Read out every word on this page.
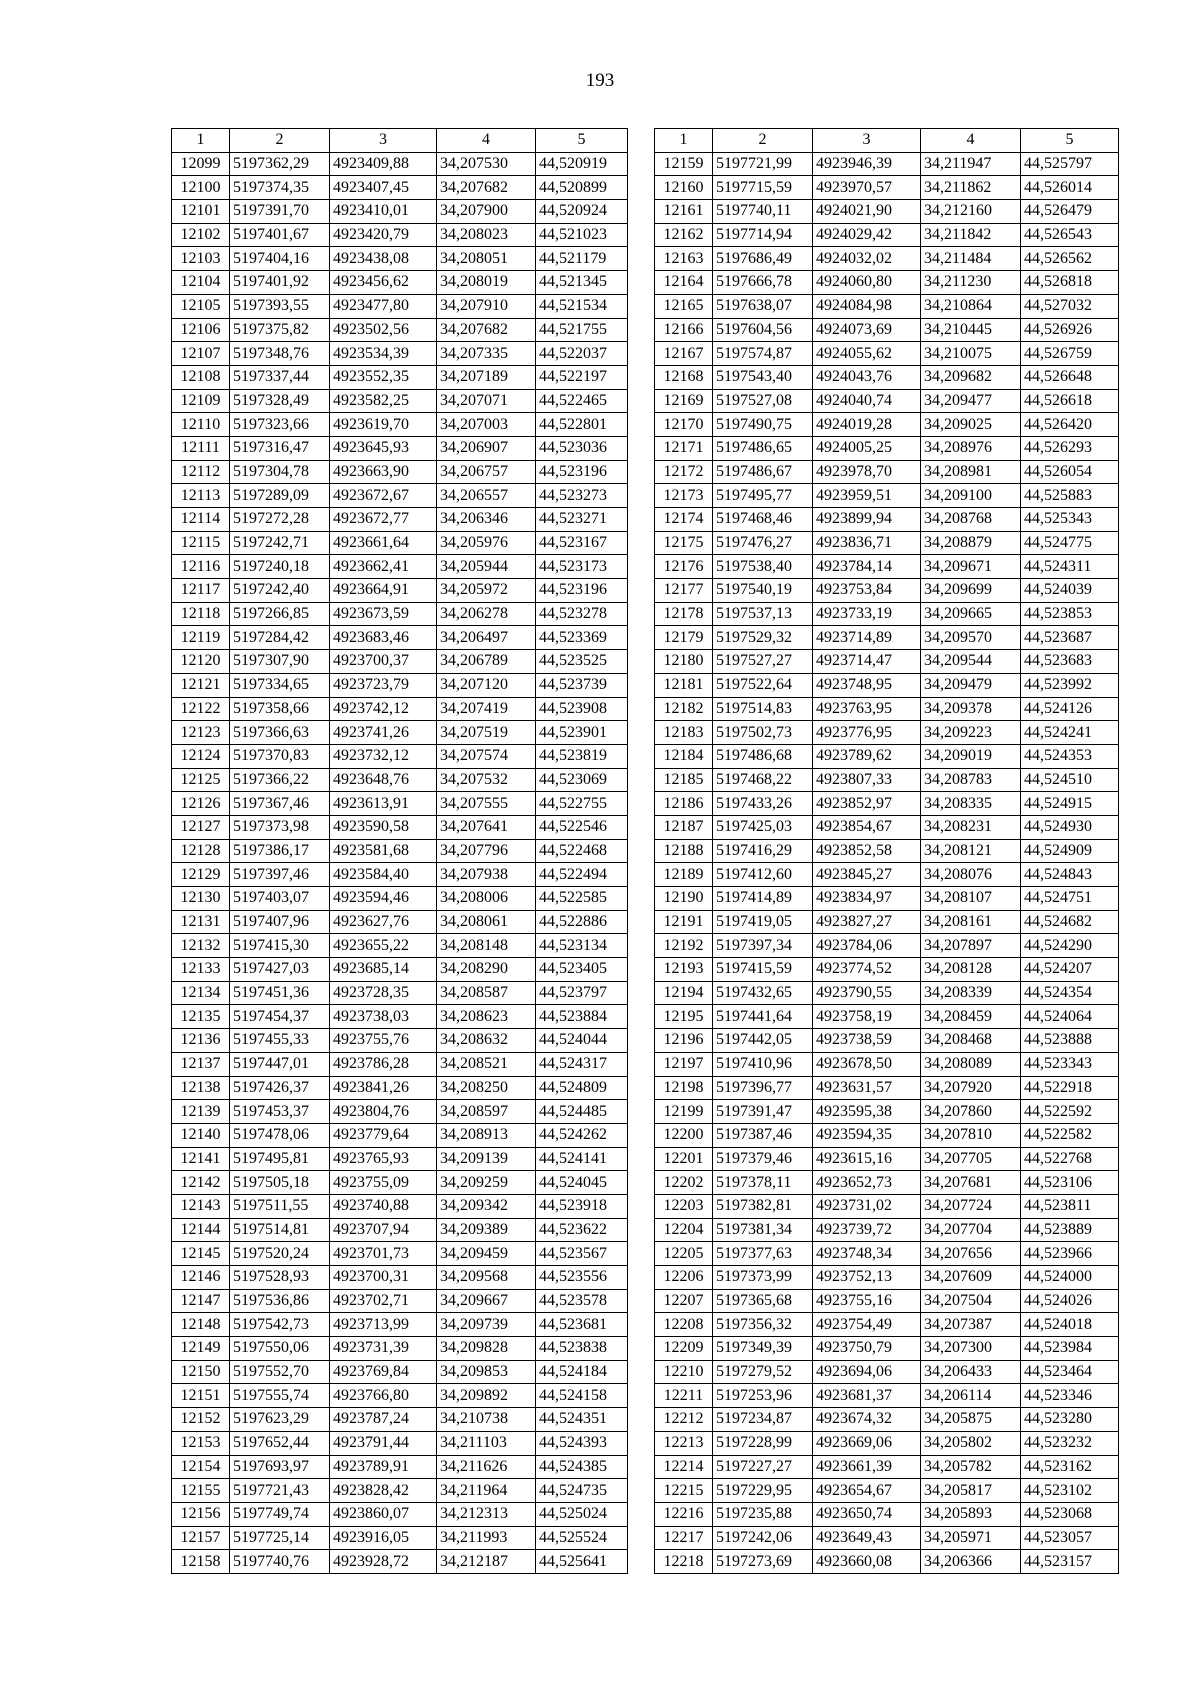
193
1	2	3	4	5
12099	5197362,29	4923409,88	34,207530	44,520919
12100	5197374,35	4923407,45	34,207682	44,520899
12101	5197391,70	4923410,01	34,207900	44,520924
12102	5197401,67	4923420,79	34,208023	44,521023
12103	5197404,16	4923438,08	34,208051	44,521179
12104	5197401,92	4923456,62	34,208019	44,521345
12105	5197393,55	4923477,80	34,207910	44,521534
12106	5197375,82	4923502,56	34,207682	44,521755
12107	5197348,76	4923534,39	34,207335	44,522037
12108	5197337,44	4923552,35	34,207189	44,522197
12109	5197328,49	4923582,25	34,207071	44,522465
12110	5197323,66	4923619,70	34,207003	44,522801
12111	5197316,47	4923645,93	34,206907	44,523036
12112	5197304,78	4923663,90	34,206757	44,523196
12113	5197289,09	4923672,67	34,206557	44,523273
12114	5197272,28	4923672,77	34,206346	44,523271
12115	5197242,71	4923661,64	34,205976	44,523167
12116	5197240,18	4923662,41	34,205944	44,523173
12117	5197242,40	4923664,91	34,205972	44,523196
12118	5197266,85	4923673,59	34,206278	44,523278
12119	5197284,42	4923683,46	34,206497	44,523369
12120	5197307,90	4923700,37	34,206789	44,523525
12121	5197334,65	4923723,79	34,207120	44,523739
12122	5197358,66	4923742,12	34,207419	44,523908
12123	5197366,63	4923741,26	34,207519	44,523901
12124	5197370,83	4923732,12	34,207574	44,523819
12125	5197366,22	4923648,76	34,207532	44,523069
12126	5197367,46	4923613,91	34,207555	44,522755
12127	5197373,98	4923590,58	34,207641	44,522546
12128	5197386,17	4923581,68	34,207796	44,522468
12129	5197397,46	4923584,40	34,207938	44,522494
12130	5197403,07	4923594,46	34,208006	44,522585
12131	5197407,96	4923627,76	34,208061	44,522886
12132	5197415,30	4923655,22	34,208148	44,523134
12133	5197427,03	4923685,14	34,208290	44,523405
12134	5197451,36	4923728,35	34,208587	44,523797
12135	5197454,37	4923738,03	34,208623	44,523884
12136	5197455,33	4923755,76	34,208632	44,524044
12137	5197447,01	4923786,28	34,208521	44,524317
12138	5197426,37	4923841,26	34,208250	44,524809
12139	5197453,37	4923804,76	34,208597	44,524485
12140	5197478,06	4923779,64	34,208913	44,524262
12141	5197495,81	4923765,93	34,209139	44,524141
12142	5197505,18	4923755,09	34,209259	44,524045
12143	5197511,55	4923740,88	34,209342	44,523918
12144	5197514,81	4923707,94	34,209389	44,523622
12145	5197520,24	4923701,73	34,209459	44,523567
12146	5197528,93	4923700,31	34,209568	44,523556
12147	5197536,86	4923702,71	34,209667	44,523578
12148	5197542,73	4923713,99	34,209739	44,523681
12149	5197550,06	4923731,39	34,209828	44,523838
12150	5197552,70	4923769,84	34,209853	44,524184
12151	5197555,74	4923766,80	34,209892	44,524158
12152	5197623,29	4923787,24	34,210738	44,524351
12153	5197652,44	4923791,44	34,211103	44,524393
12154	5197693,97	4923789,91	34,211626	44,524385
12155	5197721,43	4923828,42	34,211964	44,524735
12156	5197749,74	4923860,07	34,212313	44,525024
12157	5197725,14	4923916,05	34,211993	44,525524
12158	5197740,76	4923928,72	34,212187	44,525641
1	2	3	4	5
12159	5197721,99	4923946,39	34,211947	44,525797
12160	5197715,59	4923970,57	34,211862	44,526014
12161	5197740,11	4924021,90	34,212160	44,526479
12162	5197714,94	4924029,42	34,211842	44,526543
12163	5197686,49	4924032,02	34,211484	44,526562
12164	5197666,78	4924060,80	34,211230	44,526818
12165	5197638,07	4924084,98	34,210864	44,527032
12166	5197604,56	4924073,69	34,210445	44,526926
12167	5197574,87	4924055,62	34,210075	44,526759
12168	5197543,40	4924043,76	34,209682	44,526648
12169	5197527,08	4924040,74	34,209477	44,526618
12170	5197490,75	4924019,28	34,209025	44,526420
12171	5197486,65	4924005,25	34,208976	44,526293
12172	5197486,67	4923978,70	34,208981	44,526054
12173	5197495,77	4923959,51	34,209100	44,525883
12174	5197468,46	4923899,94	34,208768	44,525343
12175	5197476,27	4923836,71	34,208879	44,524775
12176	5197538,40	4923784,14	34,209671	44,524311
12177	5197540,19	4923753,84	34,209699	44,524039
12178	5197537,13	4923733,19	34,209665	44,523853
12179	5197529,32	4923714,89	34,209570	44,523687
12180	5197527,27	4923714,47	34,209544	44,523683
12181	5197522,64	4923748,95	34,209479	44,523992
12182	5197514,83	4923763,95	34,209378	44,524126
12183	5197502,73	4923776,95	34,209223	44,524241
12184	5197486,68	4923789,62	34,209019	44,524353
12185	5197468,22	4923807,33	34,208783	44,524510
12186	5197433,26	4923852,97	34,208335	44,524915
12187	5197425,03	4923854,67	34,208231	44,524930
12188	5197416,29	4923852,58	34,208121	44,524909
12189	5197412,60	4923845,27	34,208076	44,524843
12190	5197414,89	4923834,97	34,208107	44,524751
12191	5197419,05	4923827,27	34,208161	44,524682
12192	5197397,34	4923784,06	34,207897	44,524290
12193	5197415,59	4923774,52	34,208128	44,524207
12194	5197432,65	4923790,55	34,208339	44,524354
12195	5197441,64	4923758,19	34,208459	44,524064
12196	5197442,05	4923738,59	34,208468	44,523888
12197	5197410,96	4923678,50	34,208089	44,523343
12198	5197396,77	4923631,57	34,207920	44,522918
12199	5197391,47	4923595,38	34,207860	44,522592
12200	5197387,46	4923594,35	34,207810	44,522582
12201	5197379,46	4923615,16	34,207705	44,522768
12202	5197378,11	4923652,73	34,207681	44,523106
12203	5197382,81	4923731,02	34,207724	44,523811
12204	5197381,34	4923739,72	34,207704	44,523889
12205	5197377,63	4923748,34	34,207656	44,523966
12206	5197373,99	4923752,13	34,207609	44,524000
12207	5197365,68	4923755,16	34,207504	44,524026
12208	5197356,32	4923754,49	34,207387	44,524018
12209	5197349,39	4923750,79	34,207300	44,523984
12210	5197279,52	4923694,06	34,206433	44,523464
12211	5197253,96	4923681,37	34,206114	44,523346
12212	5197234,87	4923674,32	34,205875	44,523280
12213	5197228,99	4923669,06	34,205802	44,523232
12214	5197227,27	4923661,39	34,205782	44,523162
12215	5197229,95	4923654,67	34,205817	44,523102
12216	5197235,88	4923650,74	34,205893	44,523068
12217	5197242,06	4923649,43	34,205971	44,523057
12218	5197273,69	4923660,08	34,206366	44,523157
